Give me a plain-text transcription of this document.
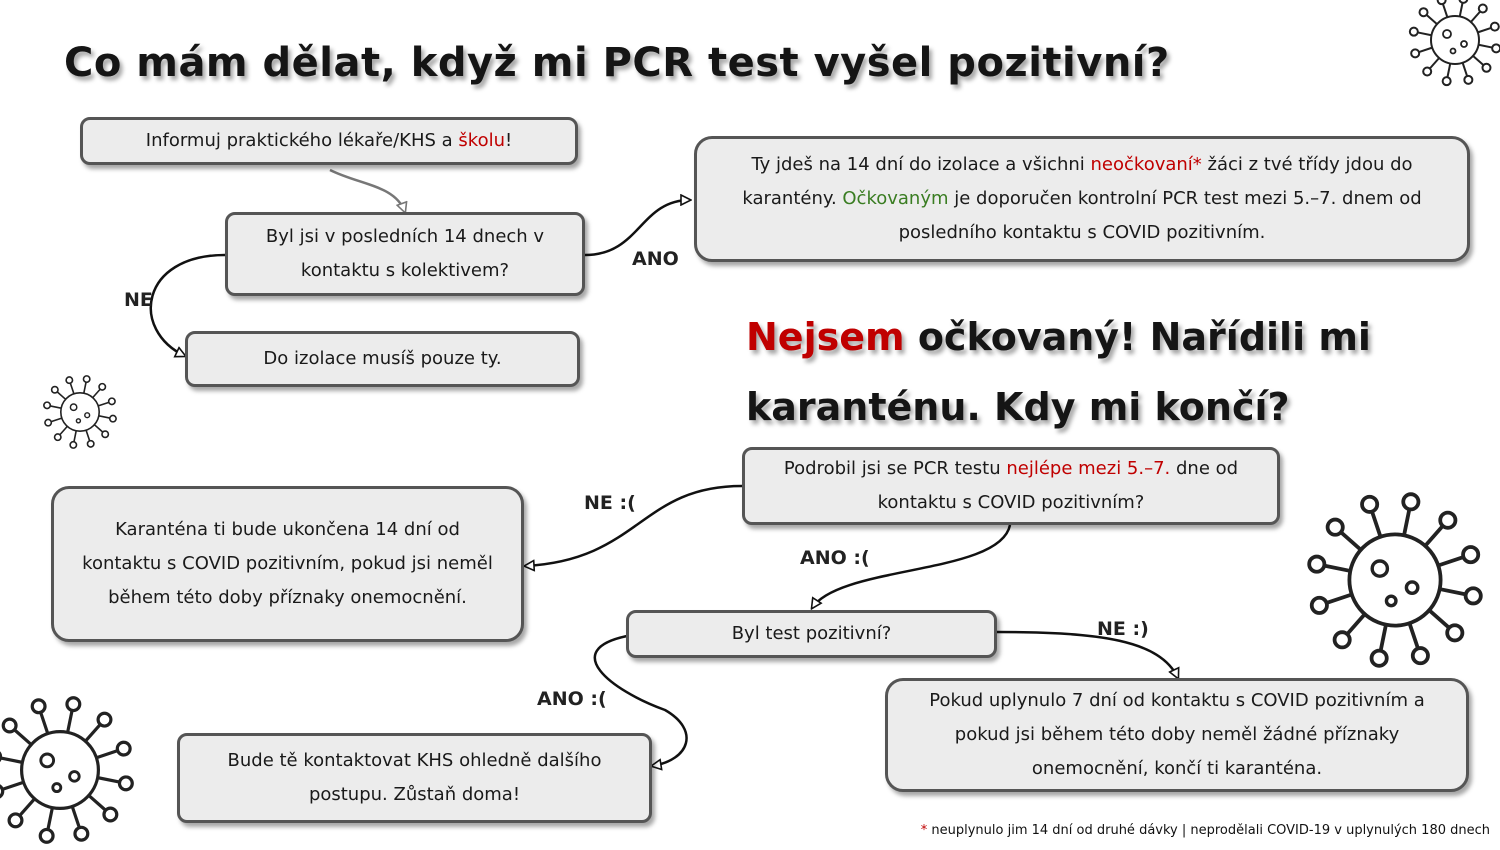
Co mám dělat, když mi PCR test vyšel pozitivní?
Nejsem očkovaný! Nařídili mi karanténu. Kdy mi končí?
Informuj praktického lékaře/KHS a školu!
Byl jsi v posledních 14 dnech v kontaktu s kolektivem?
Do izolace musíš pouze ty.
Ty jdeš na 14 dní do izolace a všichni neočkovaní* žáci z tvé třídy jdou do karantény. Očkovaným je doporučen kontrolní PCR test mezi 5.–7. dnem od posledního kontaktu s COVID pozitivním.
Podrobil jsi se PCR testu nejlépe mezi 5.–7. dne od kontaktu s COVID pozitivním?
Karanténa ti bude ukončena 14 dní od kontaktu s COVID pozitivním, pokud jsi neměl během této doby příznaky onemocnění.
Byl test pozitivní?
Bude tě kontaktovat KHS ohledně dalšího postupu. Zůstaň doma!
Pokud uplynulo 7 dní od kontaktu s COVID pozitivním a pokud jsi během této doby neměl žádné příznaky onemocnění, končí ti karanténa.
ANO
NE
NE :(
ANO :(
NE :)
ANO :(
* neuplynulo jim 14 dní od druhé dávky | neprodělali COVID-19 v uplynulých 180 dnech
